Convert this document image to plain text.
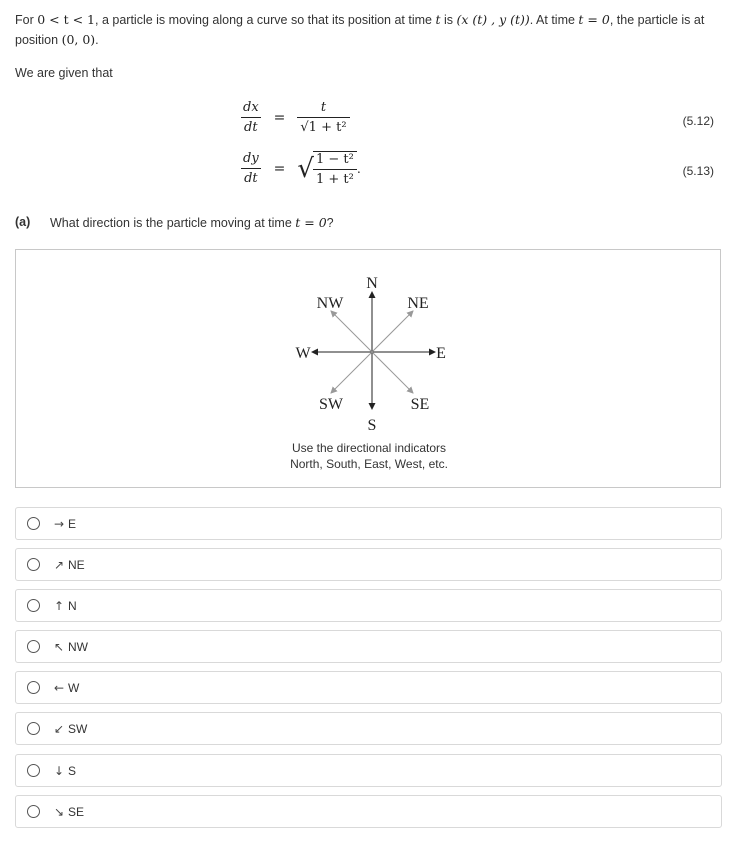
For 0 < t < 1, a particle is moving along a curve so that its position at time t is (x (t) , y (t)). At time t = 0, the particle is at position (0, 0).
We are given that
$\frac{dx}{dt} = \frac{t}{\text{√1 + t²}}$	(5.12)
$\frac{dy}{dt}$ = √ $\frac{\text{1 − t²}}{\text{1 + t²}}$ .	(5.13)
(a) What direction is the particle moving at time t = 0?
N
NW	NE
W	E
SW	SE
S
Use the directional indicators
North, South, East, West, etc.
→ E
↗ NE
↑ N
↖ NW
← W
↙ SW
↓ S
↘ SE
